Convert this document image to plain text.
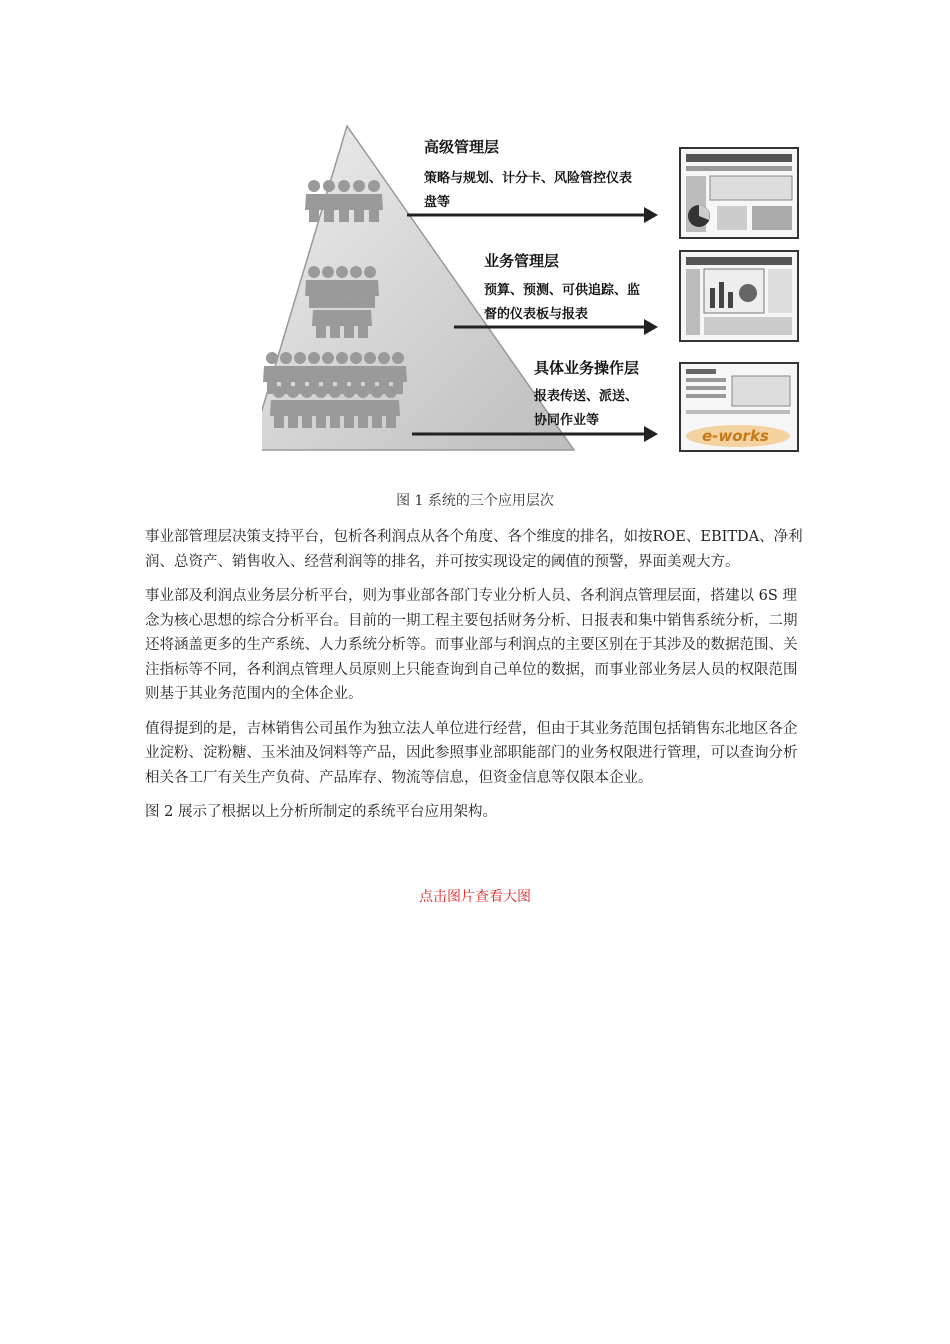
高级管理层
策略与规划、计分卡、风险管控仪表
盘等
业务管理层
预算、预测、可供追踪、监
督的仪表板与报表
具体业务操作层
报表传送、派送、
协同作业等
e-works
图 1 系统的三个应用层次

事业部管理层决策支持平台，包析各利润点从各个角度、各个维度的排名，如按ROE、EBITDA、净利润、总资产、销售收入、经营利润等的排名，并可按实现设定的阈值的预警，界面美观大方。

事业部及利润点业务层分析平台，则为事业部各部门专业分析人员、各利润点管理层面，搭建以 6S 理念为核心思想的综合分析平台。目前的一期工程主要包括财务分析、日报表和集中销售系统分析，二期还将涵盖更多的生产系统、人力系统分析等。而事业部与利润点的主要区别在于其涉及的数据范围、关注指标等不同，各利润点管理人员原则上只能查询到自己单位的数据，而事业部业务层人员的权限范围则基于其业务范围内的全体企业。

值得提到的是，吉林销售公司虽作为独立法人单位进行经营，但由于其业务范围包括销售东北地区各企业淀粉、淀粉糖、玉米油及饲料等产品，因此参照事业部职能部门的业务权限进行管理，可以查询分析相关各工厂有关生产负荷、产品库存、物流等信息，但资金信息等仅限本企业。

图 2 展示了根据以上分析所制定的系统平台应用架构。

点击图片查看大图
